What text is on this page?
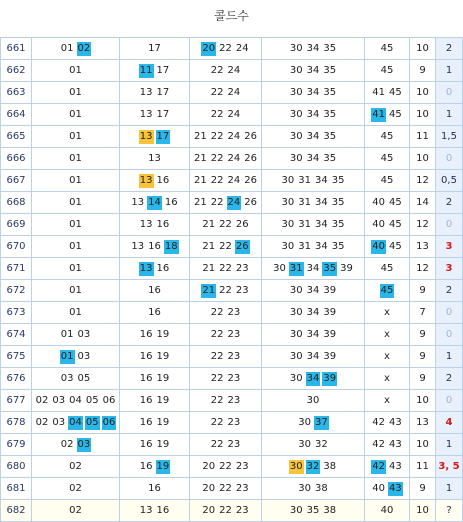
콜드수
661	01 02	17	20 22 24	30 34 35	45	10	2
662	01	11 17	22 24	30 34 35	45	9	1
663	01	13 17	22 24	30 34 35	41 45	10	0
664	01	13 17	22 24	30 34 35	41 45	10	1
665	01	13 17	21 22 24 26	30 34 35	45	11	1,5
666	01	13	21 22 24 26	30 34 35	45	10	0
667	01	13 16	21 22 24 26	30 31 34 35	45	12	0,5
668	01	13 14 16	21 22 24 26	30 31 34 35	40 45	14	2
669	01	13 16	21 22 26	30 31 34 35	40 45	12	0
670	01	13 16 18	21 22 26	30 31 34 35	40 45	13	3
671	01	13 16	21 22 23	30 31 34 35 39	45	12	3
672	01	16	21 22 23	30 34 39	45	9	2
673	01	16	22 23	30 34 39	x	7	0
674	01 03	16 19	22 23	30 34 39	x	9	0
675	01 03	16 19	22 23	30 34 39	x	9	1
676	03 05	16 19	22 23	30 34 39	x	9	2
677	02 03 04 05 06	16 19	22 23	30	x	10	0
678	02 03 04 05 06	16 19	22 23	30 37	42 43	13	4
679	02 03	16 19	22 23	30 32	42 43	10	1
680	02	16 19	20 22 23	30 32 38	42 43	11	3, 5
681	02	16	20 22 23	30 38	40 43	9	1
682	02	13 16	20 22 23	30 35 38	40	10	?
